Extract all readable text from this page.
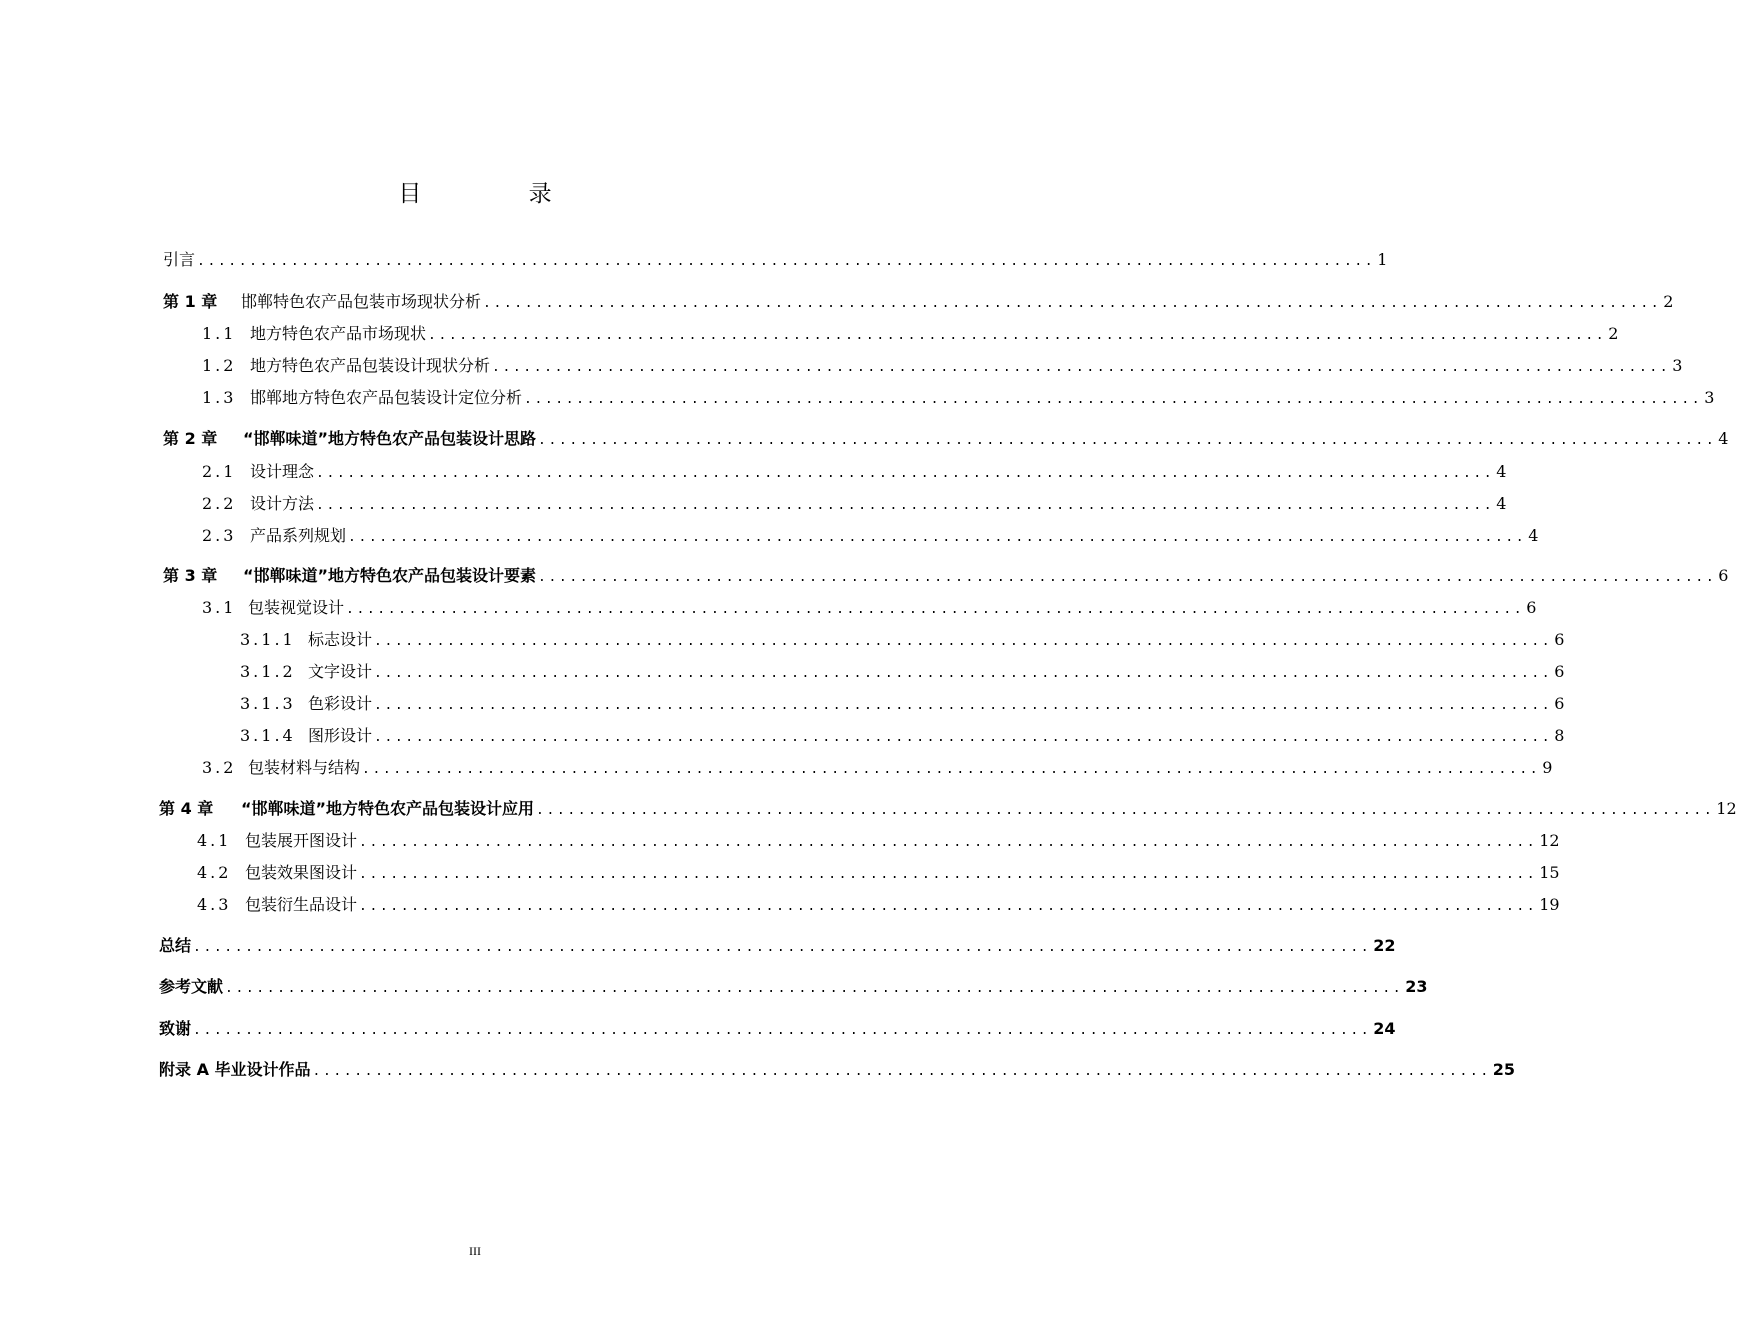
目 录
引言 ................................................................................................................. 1
第 1 章	邯郸特色农产品包装市场现状分析 ................................................................................................................. 2
1.1 地方特色农产品市场现状 ................................................................................................................. 2
1.2 地方特色农产品包装设计现状分析 ................................................................................................................. 3
1.3 邯郸地方特色农产品包装设计定位分析 ................................................................................................................. 3
第 2 章	“邯郸味道”地方特色农产品包装设计思路 ................................................................................................................. 4
2.1 设计理念 ................................................................................................................. 4
2.2 设计方法 ................................................................................................................. 4
2.3 产品系列规划 ................................................................................................................. 4
第 3 章	“邯郸味道”地方特色农产品包装设计要素 ................................................................................................................. 6
3.1 包装视觉设计 ................................................................................................................. 6
3.1.1 标志设计 ................................................................................................................. 6
3.1.2 文字设计 ................................................................................................................. 6
3.1.3 色彩设计 ................................................................................................................. 6
3.1.4 图形设计 ................................................................................................................. 8
3.2 包装材料与结构 ................................................................................................................. 9
第 4 章	“邯郸味道”地方特色农产品包装设计应用 ................................................................................................................. 12
4.1 包装展开图设计 ................................................................................................................. 12
4.2 包装效果图设计 ................................................................................................................. 15
4.3 包装衍生品设计 ................................................................................................................. 19
总结 ................................................................................................................. 22
参考文献 ................................................................................................................. 23
致谢 ................................................................................................................. 24
附录 A 毕业设计作品 ................................................................................................................. 25
III
